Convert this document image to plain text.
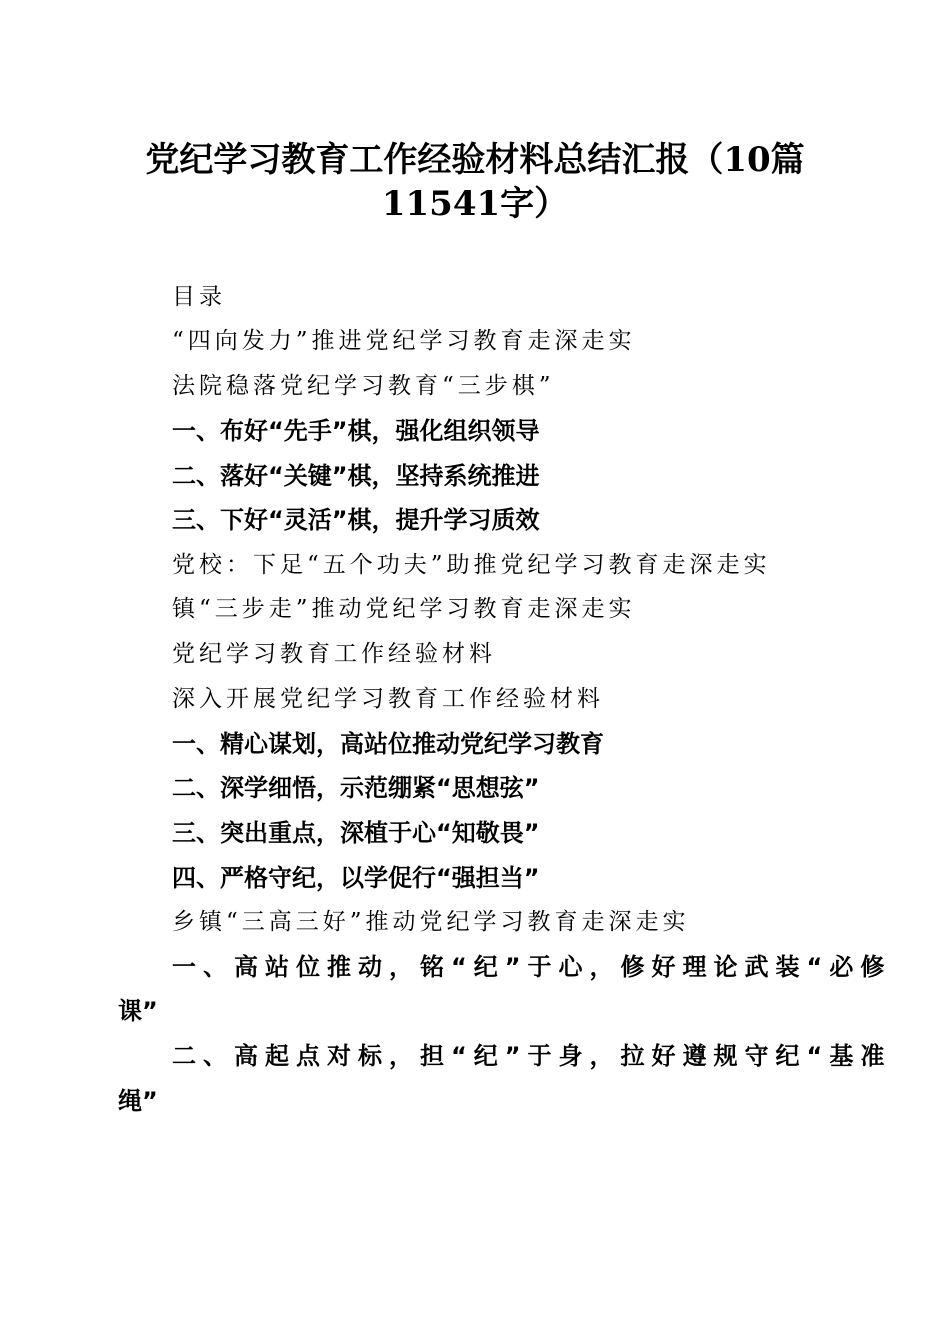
党纪学习教育工作经验材料总结汇报（10篇
11541字）
目录
“四向发力”推进党纪学习教育走深走实
法院稳落党纪学习教育“三步棋”
一、布好“先手”棋，强化组织领导
二、落好“关键”棋，坚持系统推进
三、下好“灵活”棋，提升学习质效
党校：下足“五个功夫”助推党纪学习教育走深走实
镇“三步走”推动党纪学习教育走深走实
党纪学习教育工作经验材料
深入开展党纪学习教育工作经验材料
一、精心谋划，高站位推动党纪学习教育
二、深学细悟，示范绷紧“思想弦”
三、突出重点，深植于心“知敬畏”
四、严格守纪，以学促行“强担当”
乡镇“三高三好”推动党纪学习教育走深走实
一、高站位推动，铭“纪”于心，修好理论武装“必修
课”
二、高起点对标，担“纪”于身，拉好遵规守纪“基准
绳”
